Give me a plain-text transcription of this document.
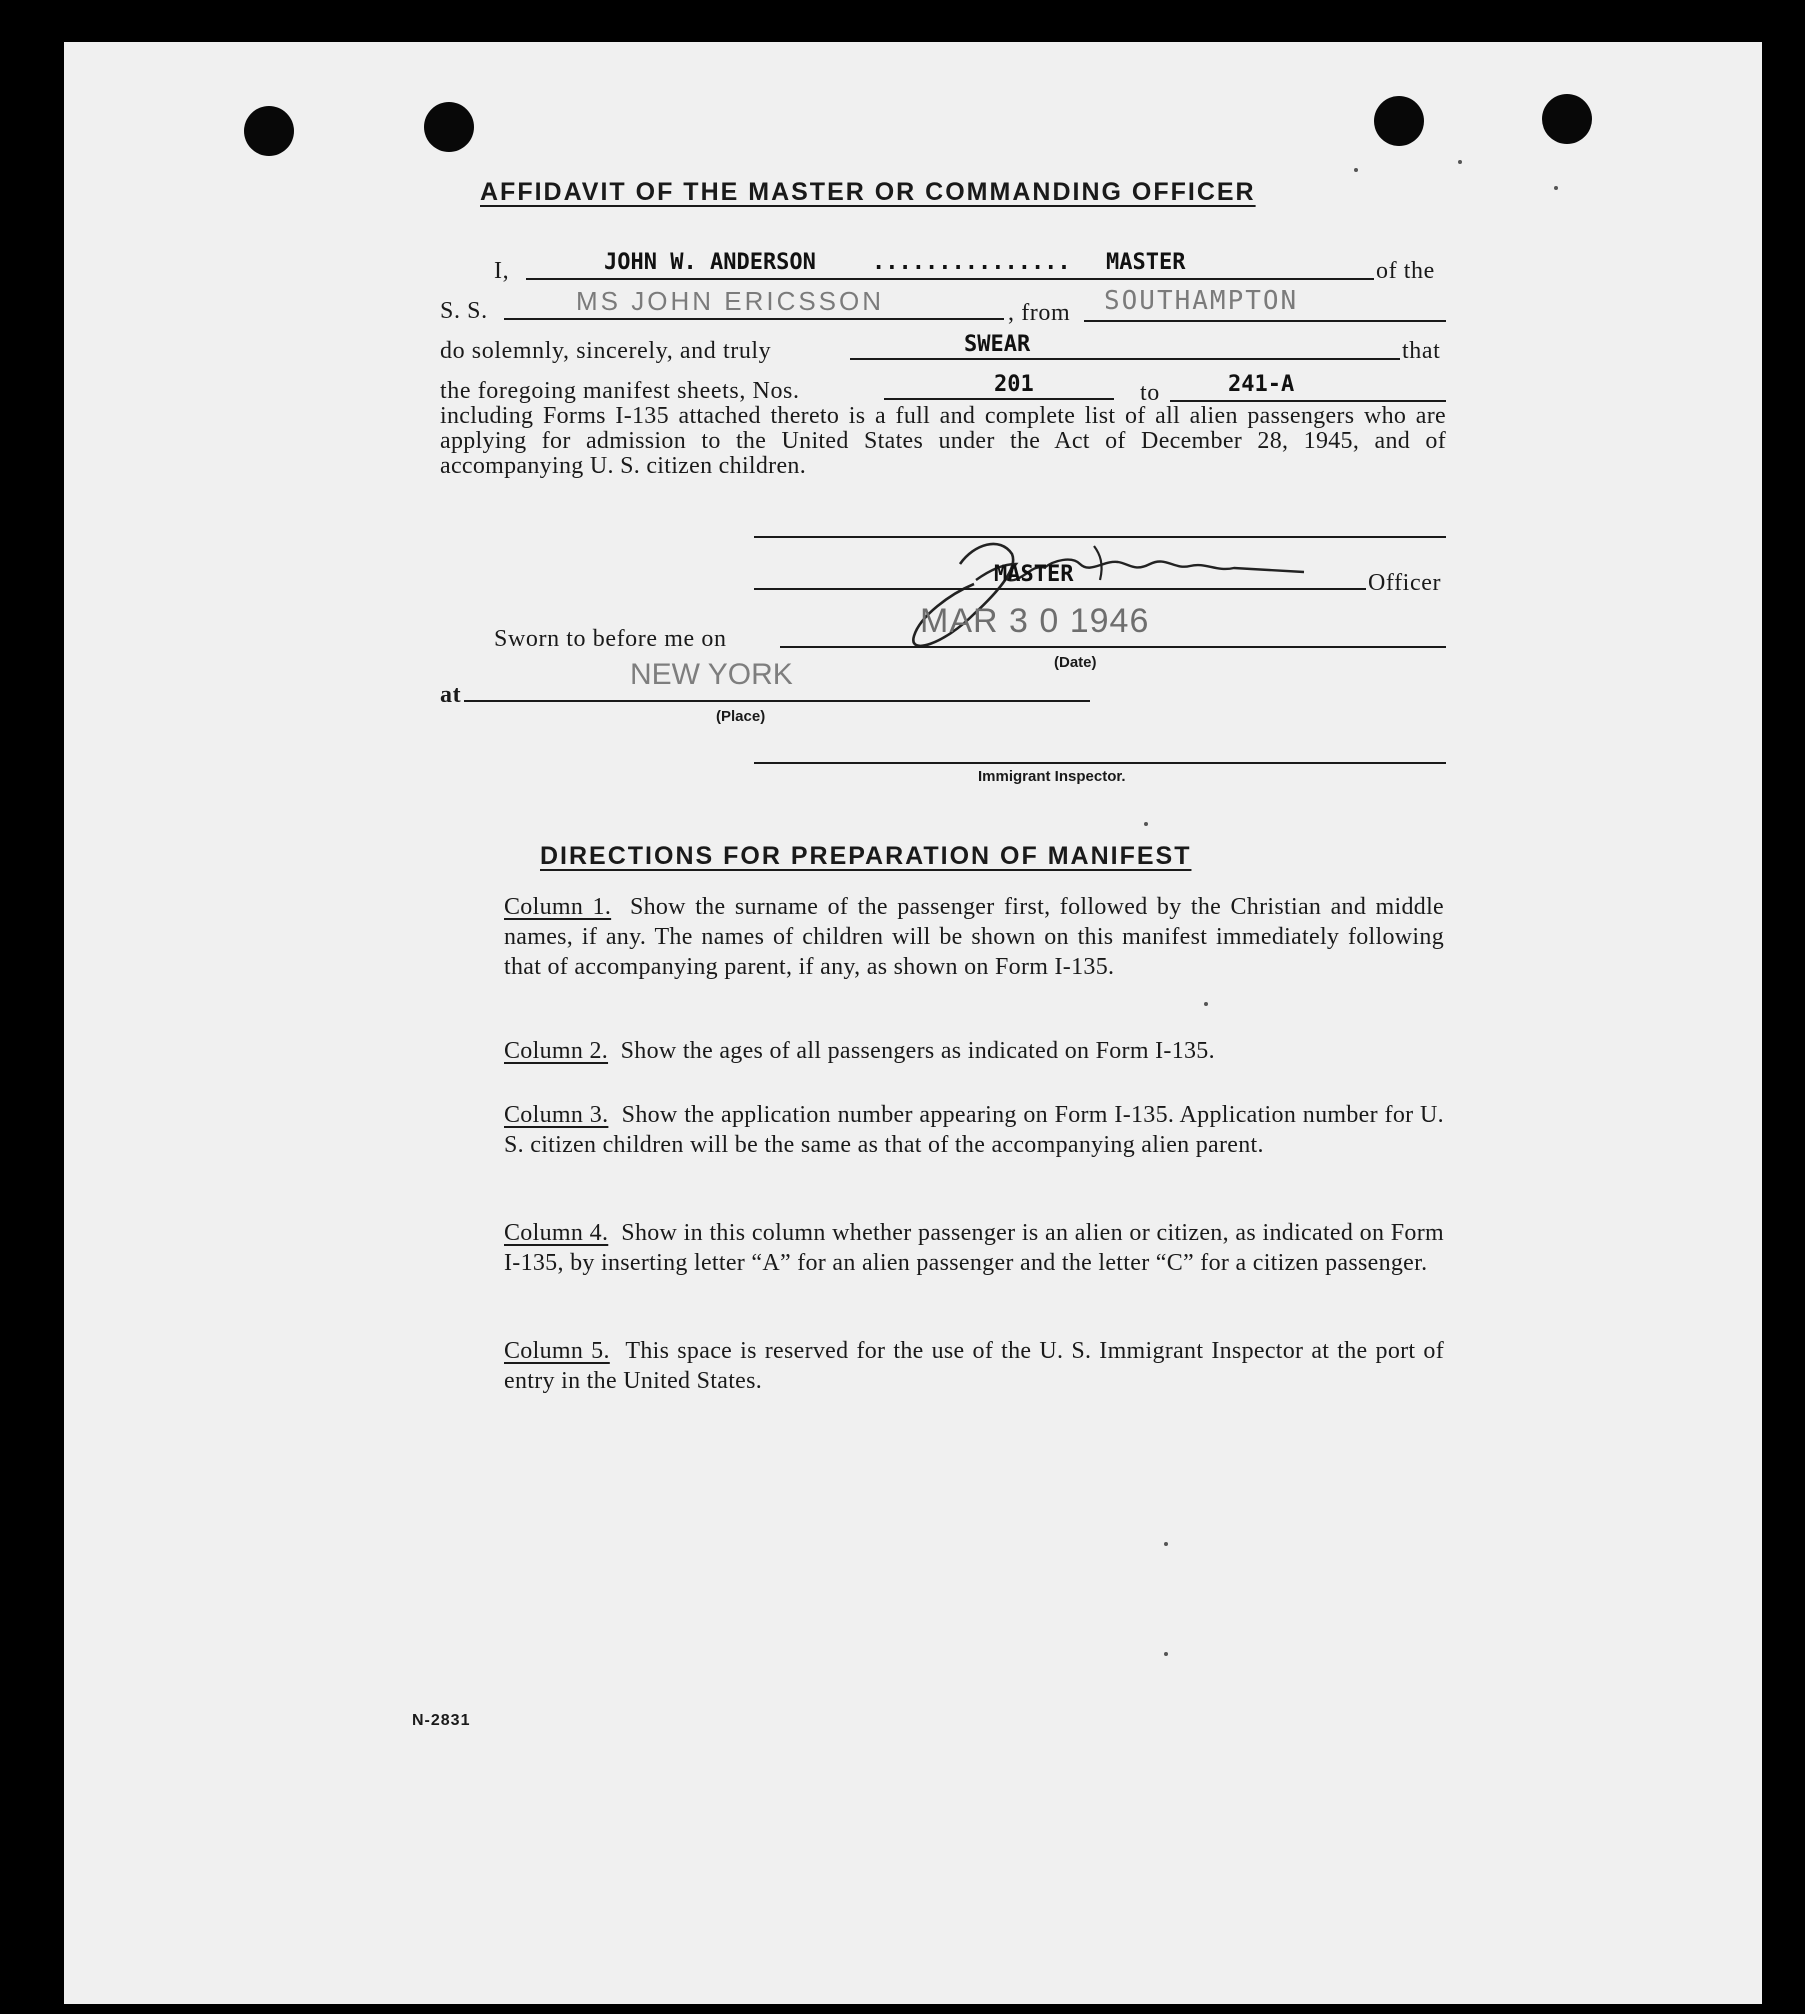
AFFIDAVIT OF THE MASTER OR COMMANDING OFFICER
I,	JOHN W. ANDERSON	............... MASTER	of the
S. S.	MS JOHN ERICSSON	, from SOUTHAMPTON
do solemnly, sincerely, and truly	SWEAR	that
the foregoing manifest sheets, Nos.	201	to	241-A
including Forms I-135 attached thereto is a full and complete list of all alien passengers who are applying for admission to the United States under the Act of December 28, 1945, and of accompanying U. S. citizen children.
MASTER	Officer
Sworn to before me on	MAR 3 0 1946
(Date)
at
NEW YORK
(Place)
Immigrant Inspector.
DIRECTIONS FOR PREPARATION OF MANIFEST
Column 1. Show the surname of the passenger first, followed by the Christian and middle names, if any. The names of children will be shown on this manifest immediately following that of accompanying parent, if any, as shown on Form I-135.
Column 2. Show the ages of all passengers as indicated on Form I-135.
Column 3. Show the application number appearing on Form I-135. Application number for U. S. citizen children will be the same as that of the accompanying alien parent.
Column 4. Show in this column whether passenger is an alien or citizen, as indicated on Form I-135, by inserting letter “A” for an alien passenger and the letter “C” for a citizen passenger.
Column 5. This space is reserved for the use of the U. S. Immigrant Inspector at the port of entry in the United States.
N-2831
